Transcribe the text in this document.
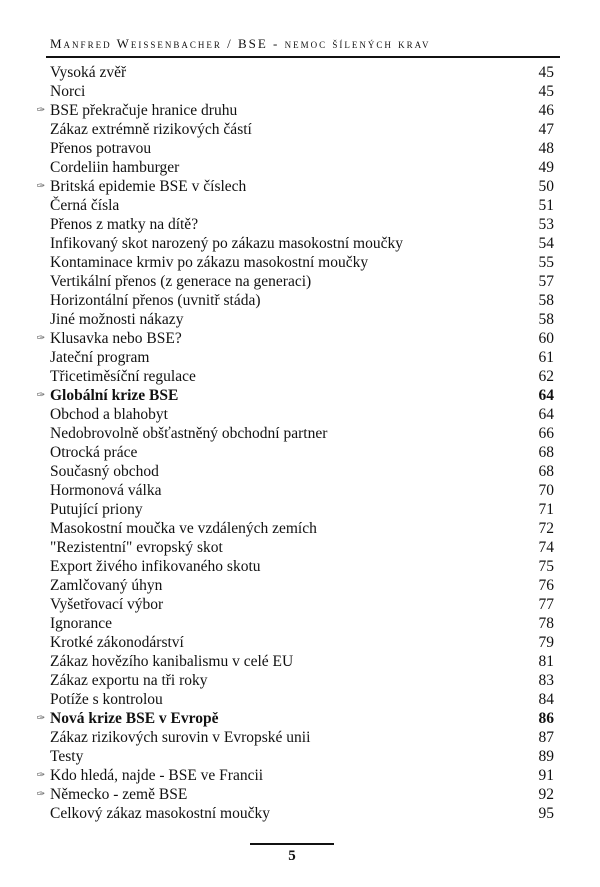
Manfred Weissenbacher / BSE - nemoc šílených krav
Vysoká zvěř	45
Norci	45
✑ BSE překračuje hranice druhu	46
Zákaz extrémně rizikových částí	47
Přenos potravou	48
Cordeliin hamburger	49
✑ Britská epidemie BSE v číslech	50
Černá čísla	51
Přenos z matky na dítě?	53
Infikovaný skot narozený po zákazu masokostní moučky	54
Kontaminace krmiv po zákazu masokostní moučky	55
Vertikální přenos (z generace na generaci)	57
Horizontální přenos (uvnitř stáda)	58
Jiné možnosti nákazy	58
✑ Klusavka nebo BSE?	60
Jateční program	61
Třicetiměsíční regulace	62
✑ Globální krize BSE	64
Obchod a blahobyt	64
Nedobrovolně obšťastněný obchodní partner	66
Otrocká práce	68
Současný obchod	68
Hormonová válka	70
Putující priony	71
Masokostní moučka ve vzdálených zemích	72
"Rezistentní" evropský skot	74
Export živého infikovaného skotu	75
Zamlčovaný úhyn	76
Vyšetřovací výbor	77
Ignorance	78
Krotké zákonodárství	79
Zákaz hovězího kanibalismu v celé EU	81
Zákaz exportu na tři roky	83
Potíže s kontrolou	84
✑ Nová krize BSE v Evropě	86
Zákaz rizikových surovin v Evropské unii	87
Testy	89
✑ Kdo hledá, najde - BSE ve Francii	91
✑ Německo - země BSE	92
Celkový zákaz masokostní moučky	95
5
